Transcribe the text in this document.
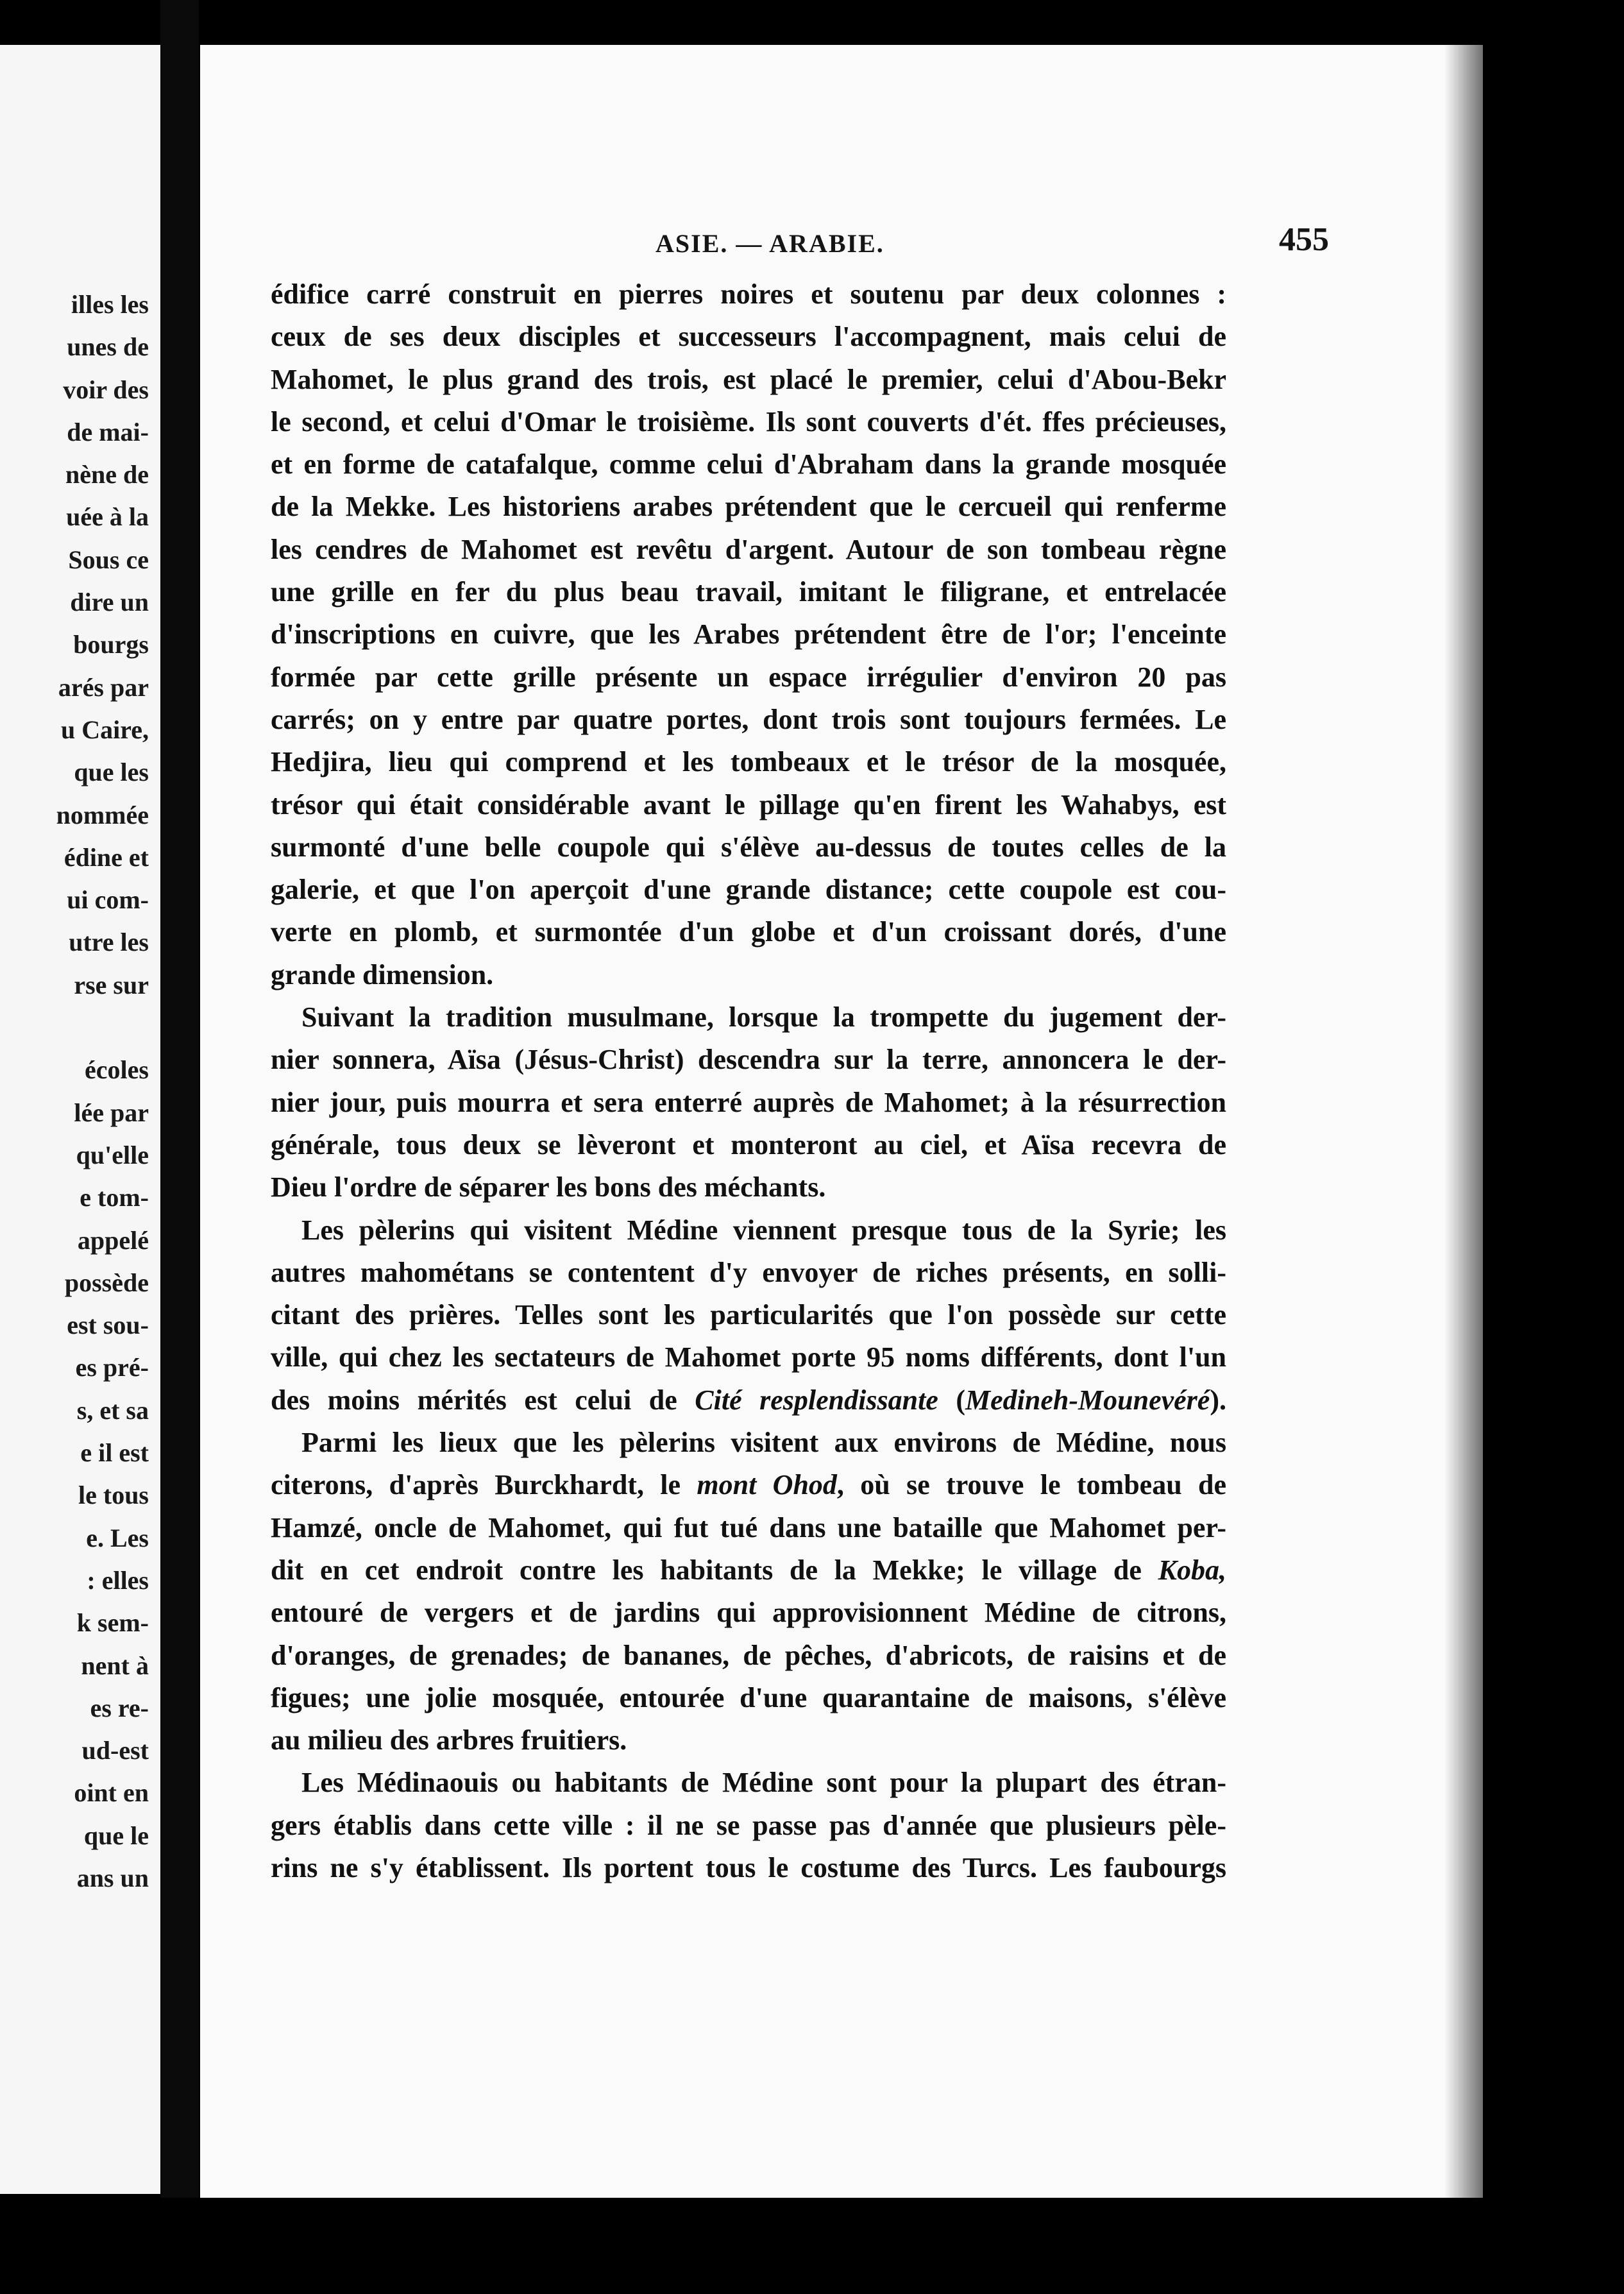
illes les
unes de
voir des
de mai-
nène de
uée à la
Sous ce
dire un
bourgs
arés par
u Caire,
que les
nommée
édine et
ui com-
utre les
rse sur
écoles
lée par
qu'elle
e tom-
appelé
possède
est sou-
es pré-
s, et sa
e il est
le tous
e. Les
: elles
k sem-
nent à
es re-
ud-est
oint en
que le
ans un
ASIE. — ARABIE.	455
édifice carré construit en pierres noires et soutenu par deux colonnes :
ceux de ses deux disciples et successeurs l'accompagnent, mais celui de
Mahomet, le plus grand des trois, est placé le premier, celui d'Abou-Bekr
le second, et celui d'Omar le troisième. Ils sont couverts d'ét. ffes précieuses,
et en forme de catafalque, comme celui d'Abraham dans la grande mosquée
de la Mekke. Les historiens arabes prétendent que le cercueil qui renferme
les cendres de Mahomet est revêtu d'argent. Autour de son tombeau règne
une grille en fer du plus beau travail, imitant le filigrane, et entrelacée
d'inscriptions en cuivre, que les Arabes prétendent être de l'or; l'enceinte
formée par cette grille présente un espace irrégulier d'environ 20 pas
carrés; on y entre par quatre portes, dont trois sont toujours fermées. Le
Hedjira, lieu qui comprend et les tombeaux et le trésor de la mosquée,
trésor qui était considérable avant le pillage qu'en firent les Wahabys, est
surmonté d'une belle coupole qui s'élève au-dessus de toutes celles de la
galerie, et que l'on aperçoit d'une grande distance; cette coupole est cou-
verte en plomb, et surmontée d'un globe et d'un croissant dorés, d'une
grande dimension.
Suivant la tradition musulmane, lorsque la trompette du jugement der-
nier sonnera, Aïsa (Jésus-Christ) descendra sur la terre, annoncera le der-
nier jour, puis mourra et sera enterré auprès de Mahomet; à la résurrection
générale, tous deux se lèveront et monteront au ciel, et Aïsa recevra de
Dieu l'ordre de séparer les bons des méchants.
Les pèlerins qui visitent Médine viennent presque tous de la Syrie; les
autres mahométans se contentent d'y envoyer de riches présents, en solli-
citant des prières. Telles sont les particularités que l'on possède sur cette
ville, qui chez les sectateurs de Mahomet porte 95 noms différents, dont l'un
des moins mérités est celui de Cité resplendissante (Medineh-Mounevéré).
Parmi les lieux que les pèlerins visitent aux environs de Médine, nous
citerons, d'après Burckhardt, le mont Ohod, où se trouve le tombeau de
Hamzé, oncle de Mahomet, qui fut tué dans une bataille que Mahomet per-
dit en cet endroit contre les habitants de la Mekke; le village de Koba,
entouré de vergers et de jardins qui approvisionnent Médine de citrons,
d'oranges, de grenades; de bananes, de pêches, d'abricots, de raisins et de
figues; une jolie mosquée, entourée d'une quarantaine de maisons, s'élève
au milieu des arbres fruitiers.
Les Médinaouis ou habitants de Médine sont pour la plupart des étran-
gers établis dans cette ville : il ne se passe pas d'année que plusieurs pèle-
rins ne s'y établissent. Ils portent tous le costume des Turcs. Les faubourgs
